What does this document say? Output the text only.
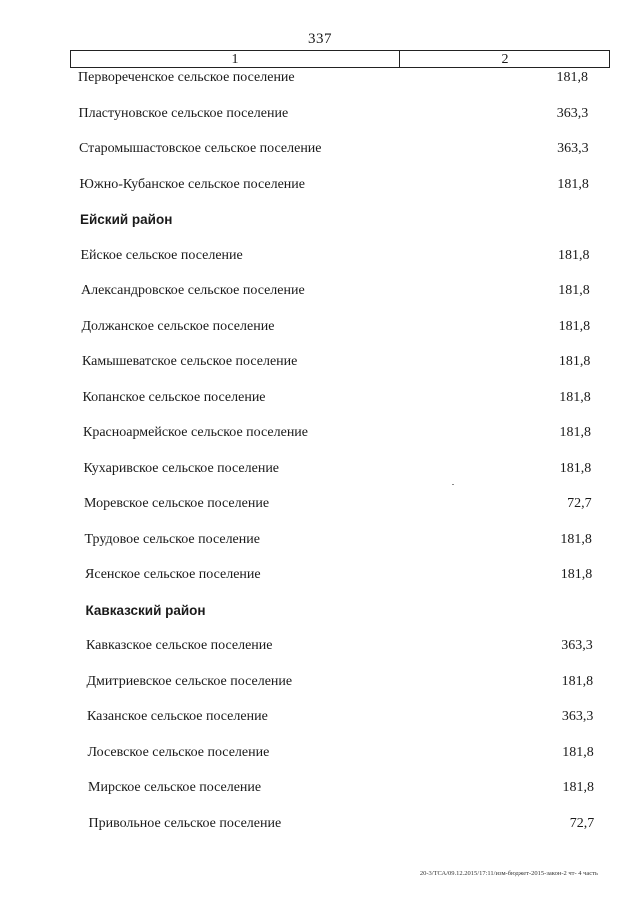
337
1	2
Первореченское сельское поселение	181,8
Пластуновское сельское поселение	363,3
Старомышастовское сельское поселение	363,3
Южно-Кубанское сельское поселение	181,8
Ейский район
Ейское сельское поселение	181,8
Александровское сельское поселение	181,8
Должанское сельское поселение	181,8
Камышеватское сельское поселение	181,8
Копанское сельское поселение	181,8
Красноармейское сельское поселение	181,8
Кухаривское сельское поселение	181,8
Моревское сельское поселение	72,7
Трудовое сельское поселение	181,8
Ясенское сельское поселение	181,8
Кавказский район
Кавказское сельское поселение	363,3
Дмитриевское сельское поселение	181,8
Казанское сельское поселение	363,3
Лосевское сельское поселение	181,8
Мирское сельское поселение	181,8
Привольное сельское поселение	72,7
20-3/ТСА/09.12.2015/17:11/изм-бюджет-2015-закон-2 чт- 4 часть
